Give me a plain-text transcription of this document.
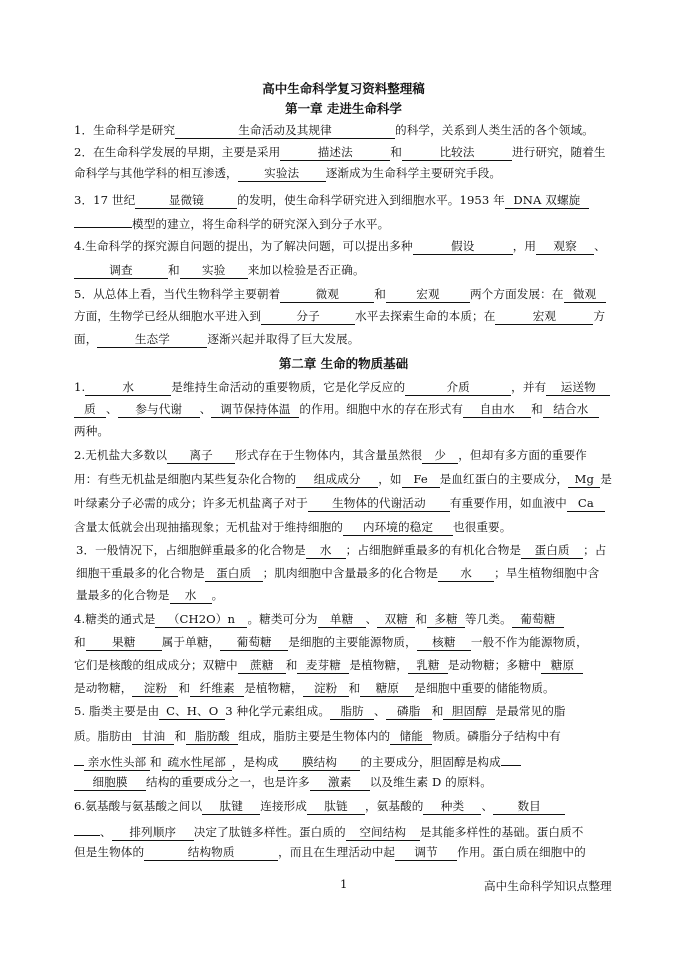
高中生命科学复习资料整理稿
第一章 走进生命科学
1．生命科学是研究	生命活动及其规律	的科学，关系到人类生活的各个领域。
2．在生命科学发展的早期，主要是采用	描述法	和	比较法	进行研究，随着生
命科学与其他学科的相互渗透， 实验法 逐渐成为生命科学主要研究手段。
3．17 世纪	显微镜	的发明，使生命科学研究进入到细胞水平。1953 年 DNA 双螺旋
模型的建立，将生命科学的研究深入到分子水平。
4.生命科学的探究源自问题的提出，为了解决问题，可以提出多种	假设	，用 观察 、
调查	和 实验 来加以检验是否正确。
5．从总体上看，当代生物科学主要朝着	微观	和	宏观	两个方面发展：在 微观
方面，生物学已经从细胞水平进入到	分子	水平去探索生命的本质；在	宏观	方
面，	生态学	逐渐兴起并取得了巨大发展。
第二章 生命的物质基础
1.	水	是维持生命活动的重要物质，它是化学反应的	介质	，并有 运送物
质 、 参与代谢 、 调节保持体温 的作用。细胞中水的存在形式有 自由水 和 结合水
两种。
2.无机盐大多数以 离子 形式存在于生物体内，其含量虽然很 少 ，但却有多方面的重要作
用：有些无机盐是细胞内某些复杂化合物的 组成成分 ，如 Fe 是血红蛋白的主要成分， Mg 是
叶绿素分子必需的成分；许多无机盐离子对于 生物体的代谢活动 有重要作用，如血液中 Ca
含量太低就会出现抽搐现象；无机盐对于维持细胞的 内环境的稳定 也很重要。
3．一般情况下，占细胞鲜重最多的化合物是 水 ；占细胞鲜重最多的有机化合物是 蛋白质 ；占
细胞干重最多的化合物是 蛋白质 ；肌肉细胞中含量最多的化合物是 水 ；旱生植物细胞中含
量最多的化合物是 水 。
4.糖类的通式是 （CH2O）n 。糖类可分为 单糖 、 双糖 和 多糖 等几类。 葡萄糖
和 果糖 属于单糖， 葡萄糖 是细胞的主要能源物质， 核糖 一般不作为能源物质，
它们是核酸的组成成分；双糖中 蔗糖 和 麦芽糖 是植物糖， 乳糖 是动物糖；多糖中 糖原
是动物糖， 淀粉 和 纤维素 是植物糖， 淀粉 和 糖原 是细胞中重要的储能物质。
5. 脂类主要是由 C、H、O 3 种化学元素组成。 脂肪 、 磷脂 和 胆固醇 是最常见的脂
质。脂肪由 甘油 和 脂肪酸 组成，脂肪主要是生物体内的 储能 物质。磷脂分子结构中有
亲水性头部 和 疏水性尾部 ，是构成 膜结构 的主要成分，胆固醇是构成
细胞膜 结构的重要成分之一，也是许多 激素 以及维生素 D 的原料。
6.氨基酸与氨基酸之间以 肽键 连接形成 肽链 ，氨基酸的 种类 、 数目
、 排列顺序 决定了肽链多样性。蛋白质的 空间结构 是其能多样性的基础。蛋白质不
但是生物体的	结构物质	，而且在生理活动中起 调节 作用。蛋白质在细胞中的
1	高中生命科学知识点整理
